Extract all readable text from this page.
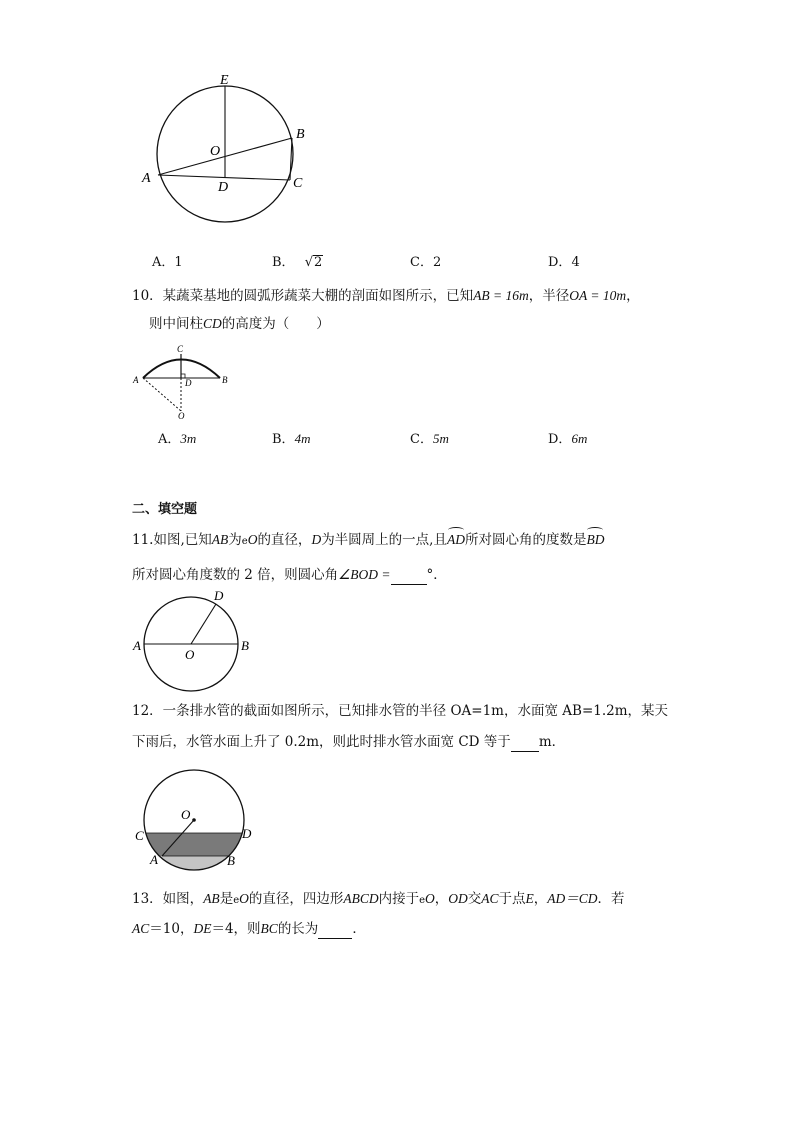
E
B
O
A
D	C
A．1	B． √2	C．2	D．4
10．某蔬菜基地的圆弧形蔬菜大棚的剖面如图所示，已知AB = 16m，半径OA = 10m，
则中间柱CD的高度为（　　）
C
A	D	B
O
A．3m	B．4m	C．5m	D．6m
二、填空题
11.如图,已知AB为eO的直径，D为半圆周上的一点,且AD所对圆心角的度数是BD
所对圆心角度数的 2 倍，则圆心角∠BOD =	°．
D
A
O
B
12．一条排水管的截面如图所示，已知排水管的半径 OA=1m，水面宽 AB=1.2m，某天
下雨后，水管水面上升了 0.2m，则此时排水管水面宽 CD 等于 m．
O
C	D
A	B
13．如图，AB是eO的直径，四边形ABCD内接于eO，OD交AC于点E，AD＝CD．若
AC＝10，DE＝4，则BC的长为	．
